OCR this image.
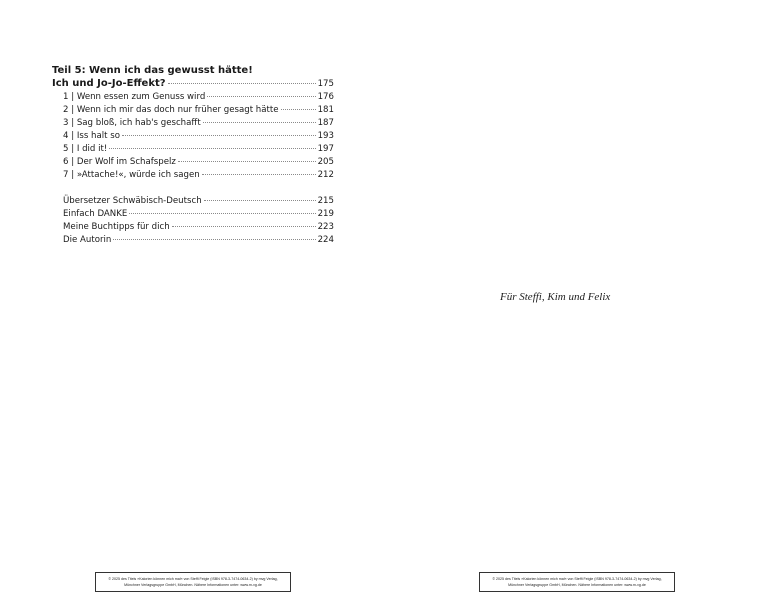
Teil 5: Wenn ich das gewusst hätte!

Ich und Jo-Jo-Effekt?	175
1 | Wenn essen zum Genuss wird	176
2 | Wenn ich mir das doch nur früher gesagt hätte	181
3 | Sag bloß, ich hab's geschafft	187
4 | Iss halt so	193
5 | I did it!	197
6 | Der Wolf im Schafspelz	205
7 | »Attache!«, würde ich sagen	212
Übersetzer Schwäbisch-Deutsch	215
Einfach DANKE	219
Meine Buchtipps für dich	223
Die Autorin	224
© 2025 des Titels »Kalorien können mich mal« von Steffi Feigle (ISBN 978-3-7474-0634-2) by mvg Verlag,
Münchner Verlagsgruppe GmbH, München. Nähere Informationen unter: www.m-vg.de
Für Steffi, Kim und Felix
© 2025 des Titels »Kalorien können mich mal« von Steffi Feigle (ISBN 978-3-7474-0634-2) by mvg Verlag,
Münchner Verlagsgruppe GmbH, München. Nähere Informationen unter: www.m-vg.de
